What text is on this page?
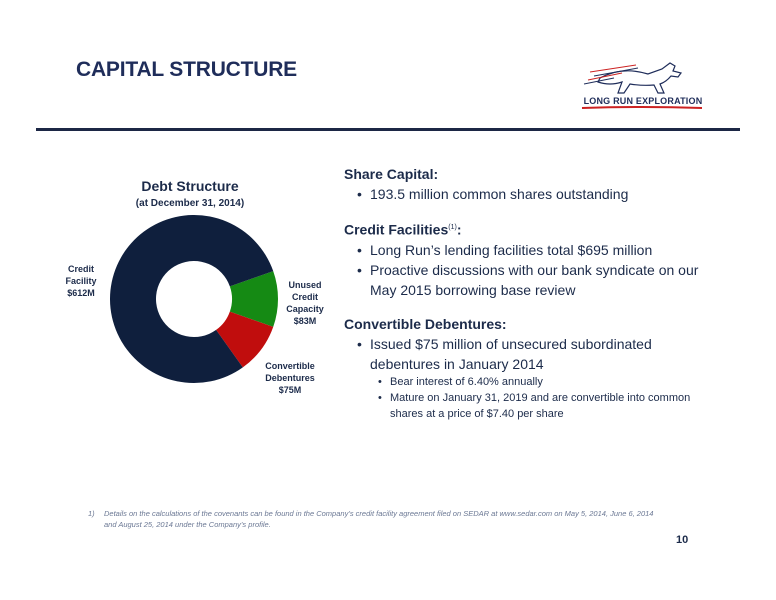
CAPITAL STRUCTURE
LONG RUN EXPLORATION
Debt Structure
(at December 31, 2014)
Credit
Facility
$612M
Unused
Credit
Capacity
$83M
Convertible
Debentures
$75M
Share Capital:
• 193.5 million common shares outstanding
Credit Facilities$^{(1)}$:
• Long Run’s lending facilities total $695 million
• Proactive discussions with our bank syndicate on our May 2015 borrowing base review
Convertible Debentures:
• Issued $75 million of unsecured subordinated debentures in January 2014
• Bear interest of 6.40% annually
• Mature on January 31, 2019 and are convertible into common shares at a price of $7.40 per share
1)	Details on the calculations of the covenants can be found in the Company’s credit facility agreement filed on SEDAR at www.sedar.com on May 5, 2014, June 6, 2014 and August 25, 2014 under the Company’s profile.
10
